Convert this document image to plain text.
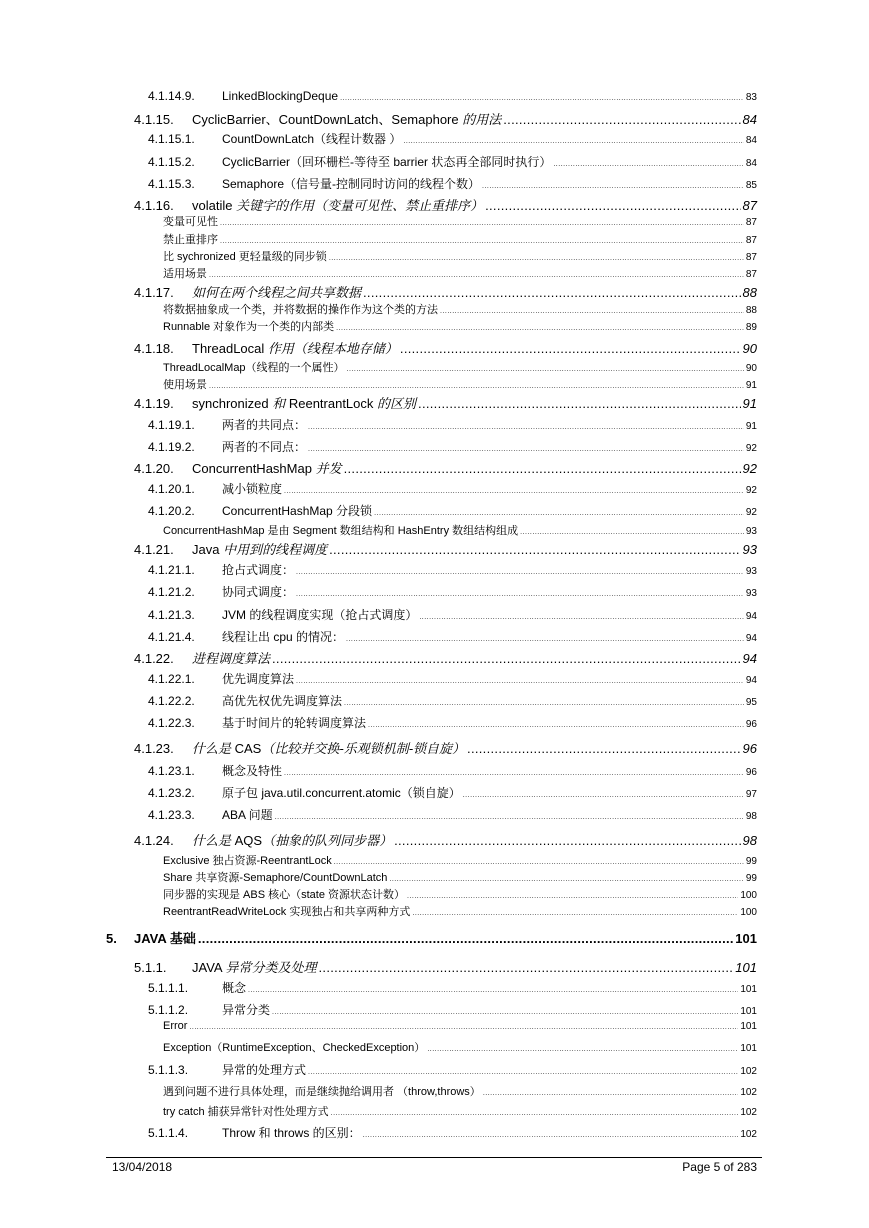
4.1.14.9.	LinkedBlockingDeque .....	83
4.1.15.	CyclicBarrier、CountDownLatch、Semaphore 的用法 .....	84
4.1.15.1.	CountDownLatch（线程计数器 ） .....	84
4.1.15.2.	CyclicBarrier（回环栅栏-等待至 barrier 状态再全部同时执行） .....	84
4.1.15.3.	Semaphore（信号量-控制同时访问的线程个数） .....	85
4.1.16.	volatile 关键字的作用（变量可见性、禁止重排序） .....	87
变量可见性 .....	87
禁止重排序 .....	87
比 sychronized 更轻量级的同步锁 .....	87
适用场景 .....	87
4.1.17.	如何在两个线程之间共享数据 .....	88
将数据抽象成一个类，并将数据的操作作为这个类的方法 .....	88
Runnable 对象作为一个类的内部类 .....	89
4.1.18.	ThreadLocal 作用（线程本地存储） .....	90
ThreadLocalMap（线程的一个属性） .....	90
使用场景 .....	91
4.1.19.	synchronized 和 ReentrantLock 的区别 .....	91
4.1.19.1.	两者的共同点： .....	91
4.1.19.2.	两者的不同点： .....	92
4.1.20.	ConcurrentHashMap 并发 .....	92
4.1.20.1.	减小锁粒度 .....	92
4.1.20.2.	ConcurrentHashMap 分段锁 .....	92
ConcurrentHashMap 是由 Segment 数组结构和 HashEntry 数组结构组成 .....	93
4.1.21.	Java 中用到的线程调度 .....	93
4.1.21.1.	抢占式调度： .....	93
4.1.21.2.	协同式调度： .....	93
4.1.21.3.	JVM 的线程调度实现（抢占式调度） .....	94
4.1.21.4.	线程让出 cpu 的情况： .....	94
4.1.22.	进程调度算法 .....	94
4.1.22.1.	优先调度算法 .....	94
4.1.22.2.	高优先权优先调度算法 .....	95
4.1.22.3.	基于时间片的轮转调度算法 .....	96
4.1.23.	什么是 CAS（比较并交换-乐观锁机制-锁自旋） .....	96
4.1.23.1.	概念及特性 .....	96
4.1.23.2.	原子包 java.util.concurrent.atomic（锁自旋） .....	97
4.1.23.3.	ABA 问题 .....	98
4.1.24.	什么是 AQS（抽象的队列同步器） .....	98
Exclusive 独占资源-ReentrantLock .....	99
Share 共享资源-Semaphore/CountDownLatch .....	99
同步器的实现是 ABS 核心（state 资源状态计数） .....	100
ReentrantReadWriteLock 实现独占和共享两种方式 .....	100
5.	JAVA 基础 .....	101
5.1.1.	JAVA 异常分类及处理 .....	101
5.1.1.1.	概念 .....	101
5.1.1.2.	异常分类 .....	101
Error .....	101
Exception（RuntimeException、CheckedException） .....	101
5.1.1.3.	异常的处理方式 .....	102
遇到问题不进行具体处理，而是继续抛给调用者 （throw,throws） .....	102
try catch 捕获异常针对性处理方式 .....	102
5.1.1.4.	Throw 和 throws 的区别： .....	102
13/04/2018	Page 5 of 283
